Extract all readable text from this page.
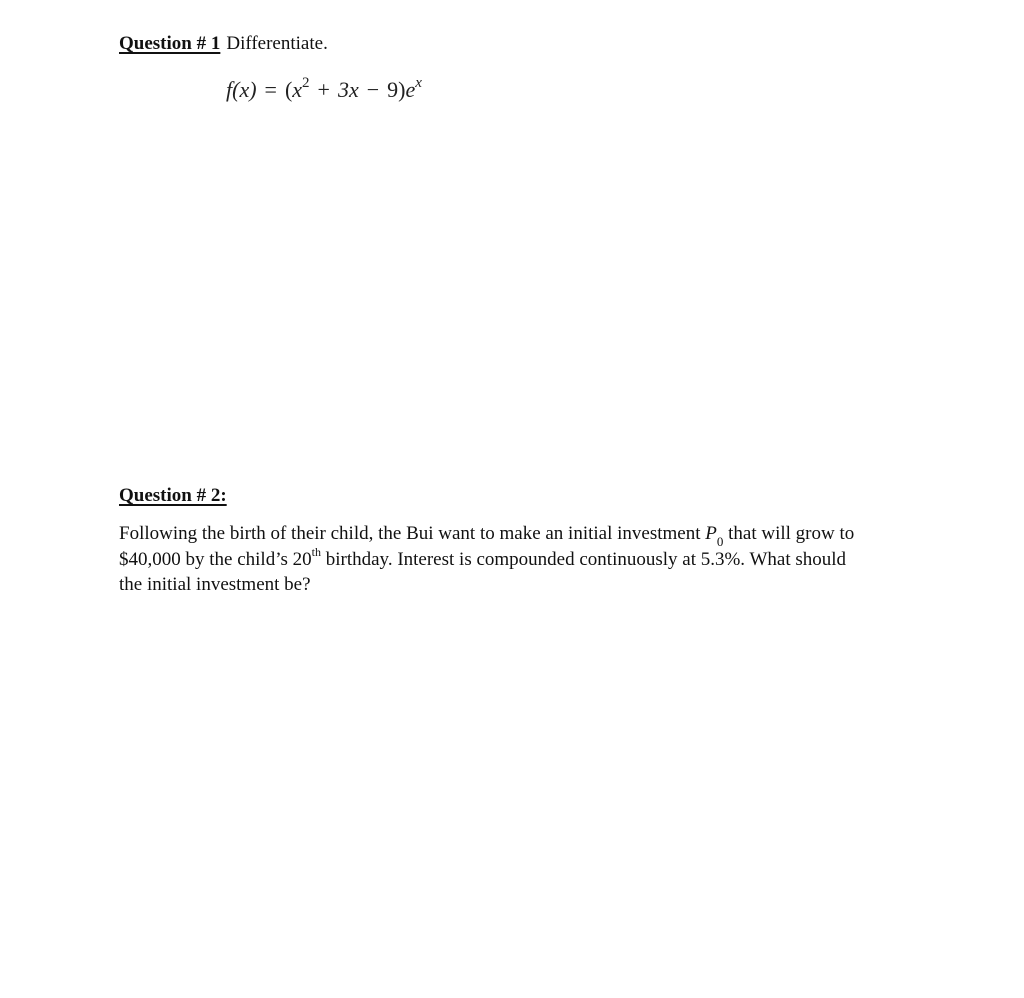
Question # 1 Differentiate.
$f(x) = (x^2 + 3x - 9)e^x$
Question # 2:
Following the birth of their child, the Bui want to make an initial investment $P_0$ that will grow to
$40,000 by the child’s 20th birthday. Interest is compounded continuously at 5.3%. What should
the initial investment be?
